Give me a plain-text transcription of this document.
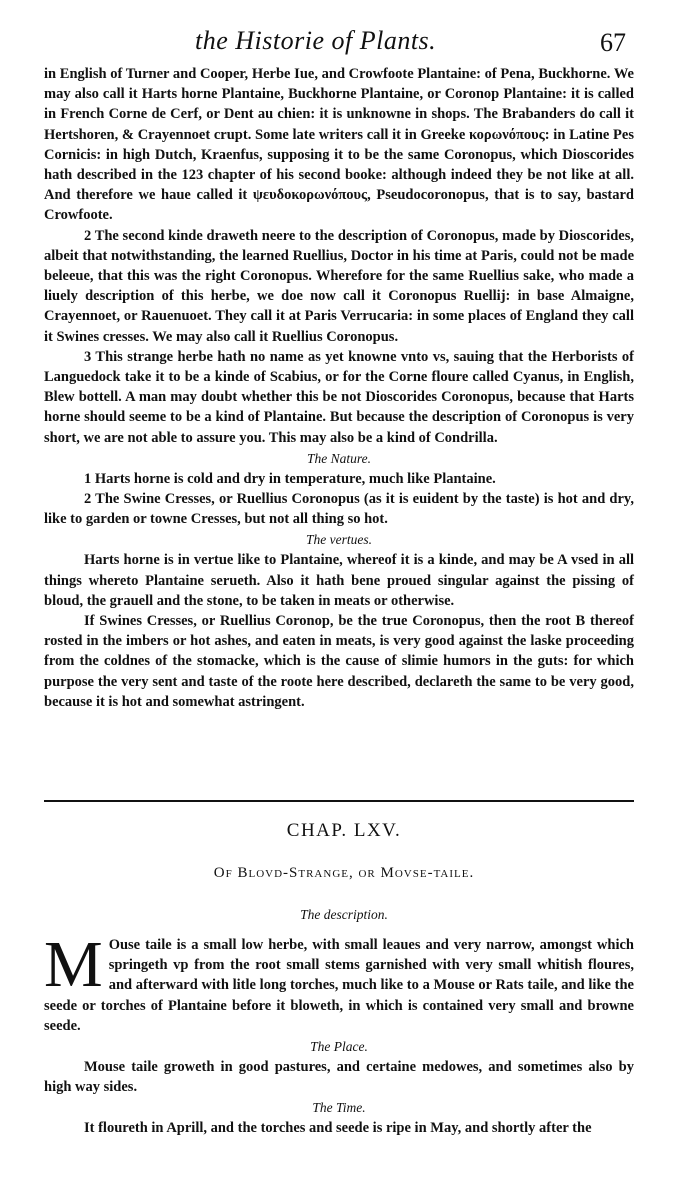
the Historie of Plants.	67

in English of Turner and Cooper, Herbe Iue, and Crowfoote Plantaine: of Pena, Buckhorne. We may also call it Harts horne Plantaine, Buckhorne Plantaine, or Coronop Plantaine: it is called in French Corne de Cerf, or Dent au chien: it is unknowne in shops. The Brabanders do call it Hertshoren, & Crayennoet crupt. Some late writers call it in Greeke κορωνόπους: in Latine Pes Cornicis: in high Dutch, Kraenfus, supposing it to be the same Coronopus, which Dioscorides hath described in the 123 chapter of his second booke: although indeed they be not like at all. And therefore we haue called it ψευδοκορωνόπους, Pseudocoronopus, that is to say, bastard Crowfoote.

2 The second kinde draweth neere to the description of Coronopus, made by Dioscorides, albeit that notwithstanding, the learned Ruellius, Doctor in his time at Paris, could not be made beleeue, that this was the right Coronopus. Wherefore for the same Ruellius sake, who made a liuely description of this herbe, we doe now call it Coronopus Ruellij: in base Almaigne, Crayennoet, or Rauenuoet. They call it at Paris Verrucaria: in some places of England they call it Swines cresses. We may also call it Ruellius Coronopus.

3 This strange herbe hath no name as yet knowne vnto vs, sauing that the Herborists of Languedock take it to be a kinde of Scabius, or for the Corne floure called Cyanus, in English, Blew bottell. A man may doubt whether this be not Dioscorides Coronopus, because that Harts horne should seeme to be a kind of Plantaine. But because the description of Coronopus is very short, we are not able to assure you. This may also be a kind of Condrilla.

The Nature.

1 Harts horne is cold and dry in temperature, much like Plantaine.

2 The Swine Cresses, or Ruellius Coronopus (as it is euident by the taste) is hot and dry, like to garden or towne Cresses, but not all thing so hot.

The vertues.

Harts horne is in vertue like to Plantaine, whereof it is a kinde, and may be A vsed in all things whereto Plantaine serueth. Also it hath bene proued singular against the pissing of bloud, the grauell and the stone, to be taken in meats or otherwise.

If Swines Cresses, or Ruellius Coronop, be the true Coronopus, then the root B thereof rosted in the imbers or hot ashes, and eaten in meats, is very good against the laske proceeding from the coldnes of the stomacke, which is the cause of slimie humors in the guts: for which purpose the very sent and taste of the roote here described, declareth the same to be very good, because it is hot and somewhat astringent.

CHAP. LXV.
Of Blovd-Strange, or Movse-taile.
The description.

M Ouse taile is a small low herbe, with small leaues and very narrow, amongst which springeth vp from the root small stems garnished with very small whitish floures, and afterward with litle long torches, much like to a Mouse or Rats taile, and like the seede or torches of Plantaine before it bloweth, in which is contained very small and browne seede.

The Place.

Mouse taile groweth in good pastures, and certaine medowes, and sometimes also by high way sides.

The Time.

It floureth in Aprill, and the torches and seede is ripe in May, and shortly after the
